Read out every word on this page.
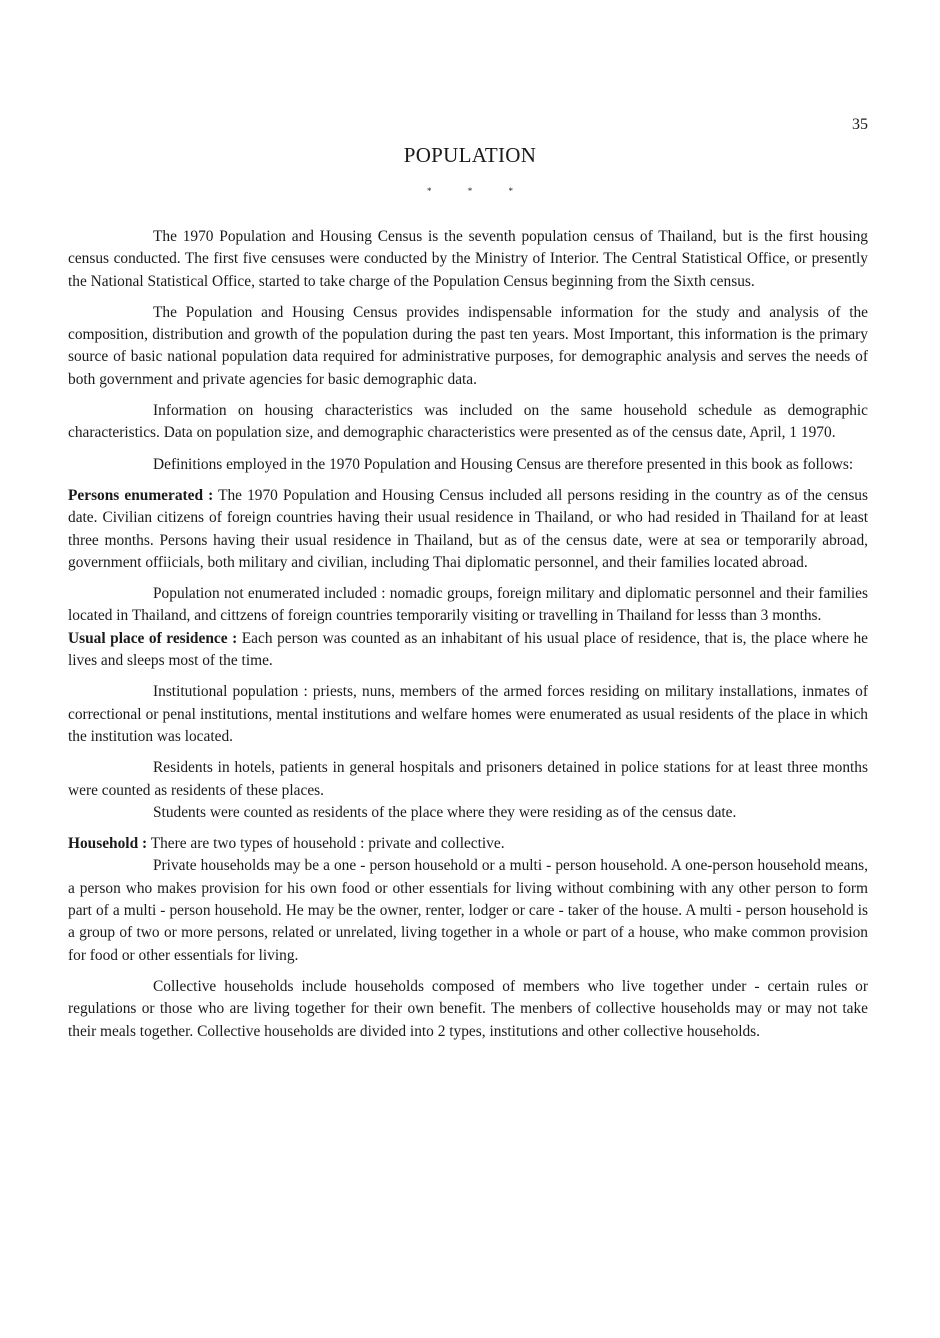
35
POPULATION
* * *

The 1970 Population and Housing Census is the seventh population census of Thailand, but is the first housing census conducted. The first five censuses were conducted by the Ministry of Interior. The Central Statistical Office, or presently the National Statistical Office, started to take charge of the Population Census beginning from the Sixth census.

The Population and Housing Census provides indispensable information for the study and analysis of the composition, distribution and growth of the population during the past ten years. Most Important, this information is the primary source of basic national population data required for administrative purposes, for demographic analysis and serves the needs of both government and private agencies for basic demographic data.

Information on housing characteristics was included on the same household schedule as demographic characteristics. Data on population size, and demographic characteristics were presented as of the census date, April, 1 1970.

Definitions employed in the 1970 Population and Housing Census are therefore presented in this book as follows:

Persons enumerated : The 1970 Population and Housing Census included all persons residing in the country as of the census date. Civilian citizens of foreign countries having their usual residence in Thailand, or who had resided in Thailand for at least three months. Persons having their usual residence in Thailand, but as of the census date, were at sea or temporarily abroad, government offiicials, both military and civilian, including Thai diplomatic personnel, and their families located abroad.

Population not enumerated included : nomadic groups, foreign military and diplomatic personnel and their families located in Thailand, and cittzens of foreign countries temporarily visiting or travelling in Thailand for lesss than 3 months.

Usual place of residence : Each person was counted as an inhabitant of his usual place of residence, that is, the place where he lives and sleeps most of the time.

Institutional population : priests, nuns, members of the armed forces residing on military installations, inmates of correctional or penal institutions, mental institutions and welfare homes were enumerated as usual residents of the place in which the institution was located.

Residents in hotels, patients in general hospitals and prisoners detained in police stations for at least three months were counted as residents of these places.

Students were counted as residents of the place where they were residing as of the census date.

Household : There are two types of household : private and collective.

Private households may be a one - person household or a multi - person household. A one-person household means, a person who makes provision for his own food or other essentials for living without combining with any other person to form part of a multi - person household. He may be the owner, renter, lodger or care - taker of the house. A multi - person household is a group of two or more persons, related or unrelated, living together in a whole or part of a house, who make common provision for food or other essentials for living.

Collective households include households composed of members who live together under - certain rules or regulations or those who are living together for their own benefit. The menbers of collective households may or may not take their meals together. Collective households are divided into 2 types, institutions and other collective households.
